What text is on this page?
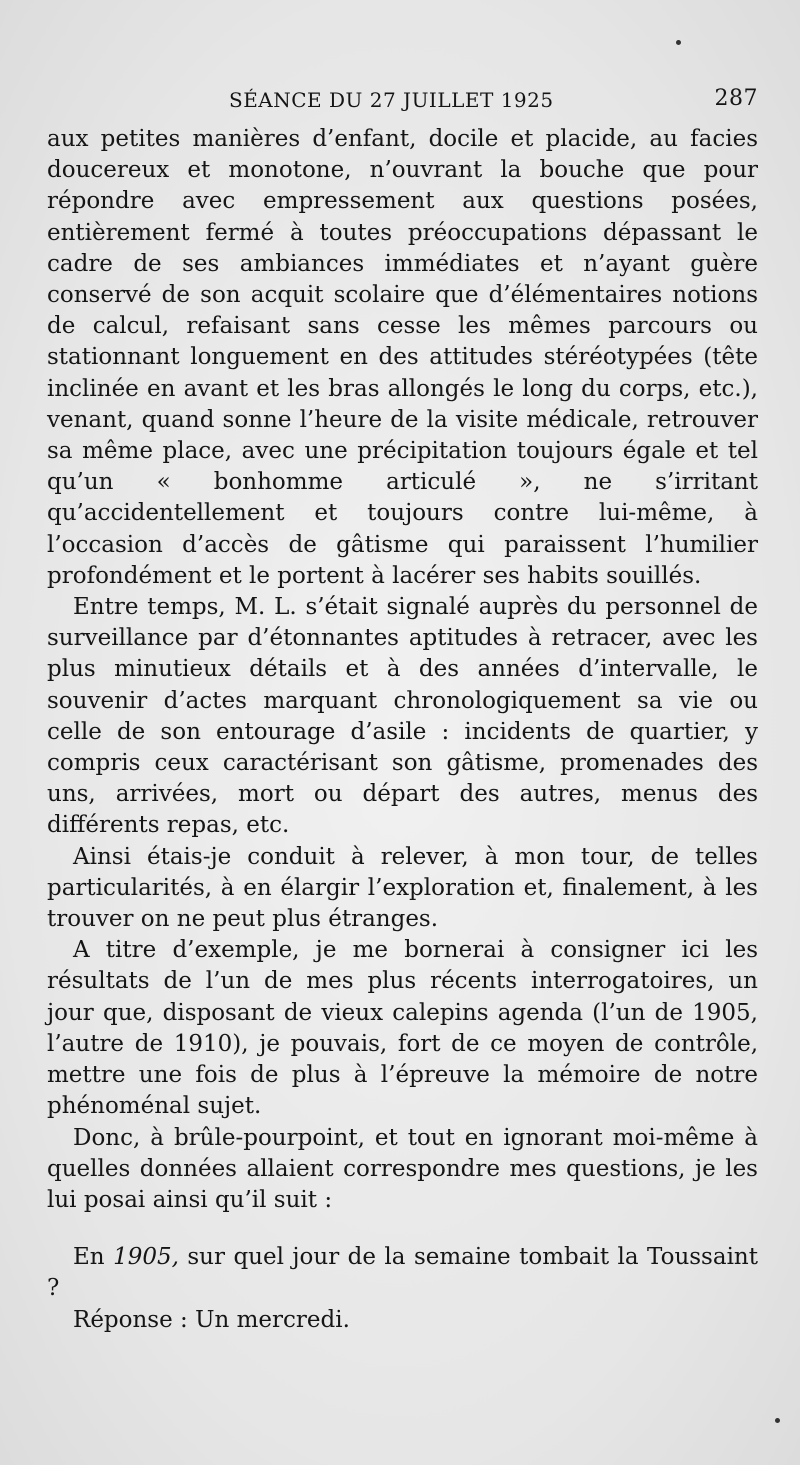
SÉANCE DU 27 JUILLET 1925	287

aux petites manières d’enfant, docile et placide, au facies doucereux et monotone, n’ouvrant la bouche que pour répondre avec empressement aux questions posées, entièrement fermé à toutes préoccupations dépassant le cadre de ses ambiances immédiates et n’ayant guère conservé de son acquit scolaire que d’élémentaires notions de calcul, refaisant sans cesse les mêmes parcours ou stationnant longuement en des attitudes stéréotypées (tête inclinée en avant et les bras allongés le long du corps, etc.), venant, quand sonne l’heure de la visite médicale, retrouver sa même place, avec une précipitation toujours égale et tel qu’un « bonhomme articulé », ne s’irritant qu’accidentellement et toujours contre lui-même, à l’occasion d’accès de gâtisme qui paraissent l’humilier profondément et le portent à lacérer ses habits souillés.

Entre temps, M. L. s’était signalé auprès du personnel de surveillance par d’étonnantes aptitudes à retracer, avec les plus minutieux détails et à des années d’intervalle, le souvenir d’actes marquant chronologiquement sa vie ou celle de son entourage d’asile : incidents de quartier, y compris ceux caractérisant son gâtisme, promenades des uns, arrivées, mort ou départ des autres, menus des différents repas, etc.

Ainsi étais-je conduit à relever, à mon tour, de telles particularités, à en élargir l’exploration et, finalement, à les trouver on ne peut plus étranges.

A titre d’exemple, je me bornerai à consigner ici les résultats de l’un de mes plus récents interrogatoires, un jour que, disposant de vieux calepins agenda (l’un de 1905, l’autre de 1910), je pouvais, fort de ce moyen de contrôle, mettre une fois de plus à l’épreuve la mémoire de notre phénoménal sujet.

Donc, à brûle-pourpoint, et tout en ignorant moi-même à quelles données allaient correspondre mes questions, je les lui posai ainsi qu’il suit :

En 1905, sur quel jour de la semaine tombait la Toussaint ?

Réponse : Un mercredi.
